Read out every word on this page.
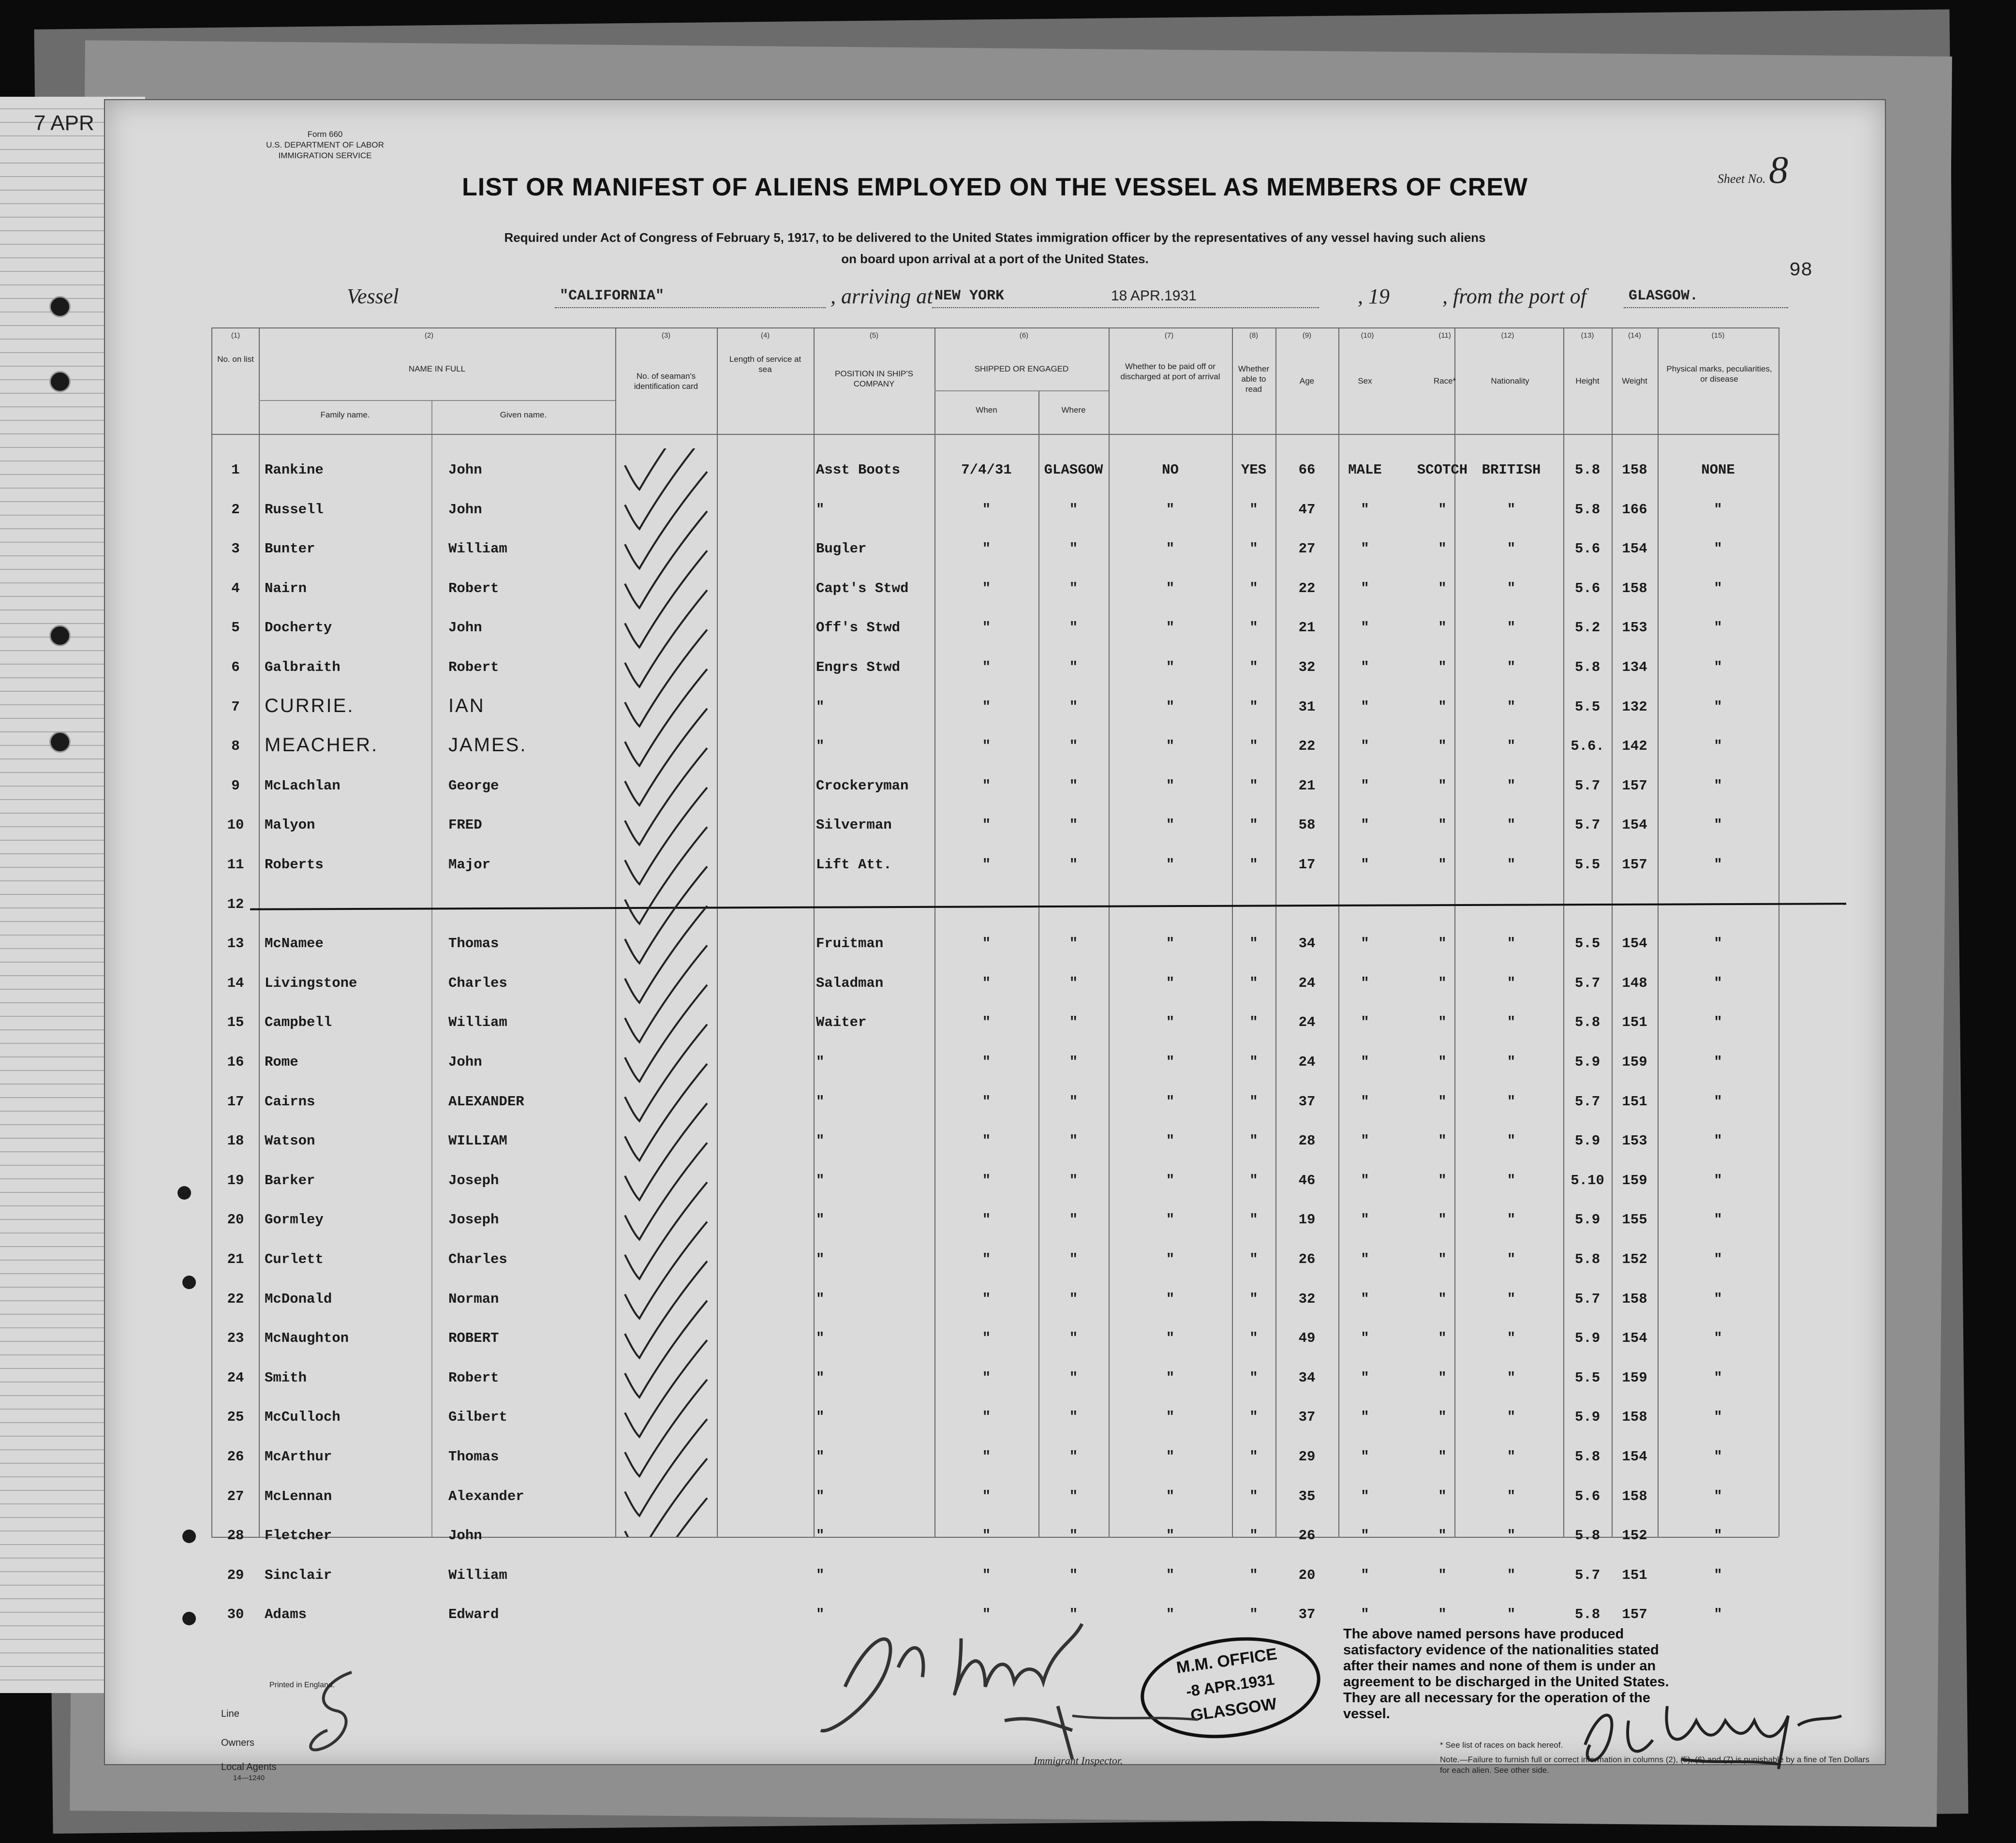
7 APR	Form 660
U.S. DEPARTMENT OF LABOR
IMMIGRATION SERVICE
Sheet No. 8
LIST OR MANIFEST OF ALIENS EMPLOYED ON THE VESSEL AS MEMBERS OF CREW
Required under Act of Congress of February 5, 1917, to be delivered to the United States immigration officer by the representatives of any vessel having such aliens
on board upon arrival at a port of the United States.
98
Vessel	"CALIFORNIA"	, arriving at NEW YORK	18 APR.1931	, 19 , from the port of	GLASGOW.
(1)	(2)	(3)	(4)	(5)	(6)	(7)	(8)	(9)	(10)	(11)	(12)	(13)	(14)	(15)
No. on list
NAME IN FULL
Family name.	Given name.
No. of seaman's identification card
Length of service at sea	POSITION IN SHIP'S COMPANY
SHIPPED OR ENGAGED
When	Where
Whether to be paid off or discharged at port of arrival
Whether able to read
Age	Sex	Race*	Nationality	Height	Weight
Physical marks, peculiarities, or disease
1	Rankine	John	Asst Boots	7/4/31	GLASGOW	NO	YES	66	MALE	SCOTCH	BRITISH	5.8	158	NONE
2	Russell	John	"	"	"	"	"	47	"	"	"	5.8	166	"
3	Bunter	William	Bugler	"	"	"	"	27	"	"	"	5.6	154	"
4	Nairn	Robert	Capt's Stwd	"	"	"	"	22	"	"	"	5.6	158	"
5	Docherty	John	Off's Stwd	"	"	"	"	21	"	"	"	5.2	153	"
6	Galbraith	Robert	Engrs Stwd	"	"	"	"	32	"	"	"	5.8	134	"
7	CURRIE.	IAN	"	"	"	"	"	31	"	"	"	5.5	132	"
8	MEACHER.	JAMES.	"	"	"	"	"	22	"	"	"	5.6.	142	"
9	McLachlan	George	Crockeryman	"	"	"	"	21	"	"	"	5.7	157	"
10	Malyon	FRED	Silverman	"	"	"	"	58	"	"	"	5.7	154	"
11	Roberts	Major	Lift Att.	"	"	"	"	17	"	"	"	5.5	157	"
12
13	McNamee	Thomas	Fruitman	"	"	"	"	34	"	"	"	5.5	154	"
14	Livingstone	Charles	Saladman	"	"	"	"	24	"	"	"	5.7	148	"
15	Campbell	William	Waiter	"	"	"	"	24	"	"	"	5.8	151	"
16	Rome	John	"	"	"	"	"	24	"	"	"	5.9	159	"
17	Cairns	ALEXANDER	"	"	"	"	"	37	"	"	"	5.7	151	"
18	Watson	WILLIAM	"	"	"	"	"	28	"	"	"	5.9	153	"
19	Barker	Joseph	"	"	"	"	"	46	"	"	"	5.10	159	"
20	Gormley	Joseph	"	"	"	"	"	19	"	"	"	5.9	155	"
21	Curlett	Charles	"	"	"	"	"	26	"	"	"	5.8	152	"
22	McDonald	Norman	"	"	"	"	"	32	"	"	"	5.7	158	"
23	McNaughton	ROBERT	"	"	"	"	"	49	"	"	"	5.9	154	"
24	Smith	Robert	"	"	"	"	"	34	"	"	"	5.5	159	"
25	McCulloch	Gilbert	"	"	"	"	"	37	"	"	"	5.9	158	"
26	McArthur	Thomas	"	"	"	"	"	29	"	"	"	5.8	154	"
27	McLennan	Alexander	"	"	"	"	"	35	"	"	"	5.6	158	"
28	Fletcher	John	"	"	"	"	"	26	"	"	"	5.8	152	"
29	Sinclair	William	"	"	"	"	"	20	"	"	"	5.7	151	"
30	Adams	Edward	"	"	"	"	"	37	"	"	"	5.8	157	"
The above named persons have produced satisfactory evidence of the nationalities stated after their names and none of them is under an agreement to be discharged in the United States. They are all necessary for the operation of the vessel.
M.M. OFFICE
-8 APR.1931
GLASGOW
Printed in England.
Line
Owners
Local Agents
14—1240
Immigrant Inspector.
* See list of races on back hereof.
Note.—Failure to furnish full or correct information in columns (2), (5), (6) and (7) is punishable by a fine of Ten Dollars for each alien. See other side.
